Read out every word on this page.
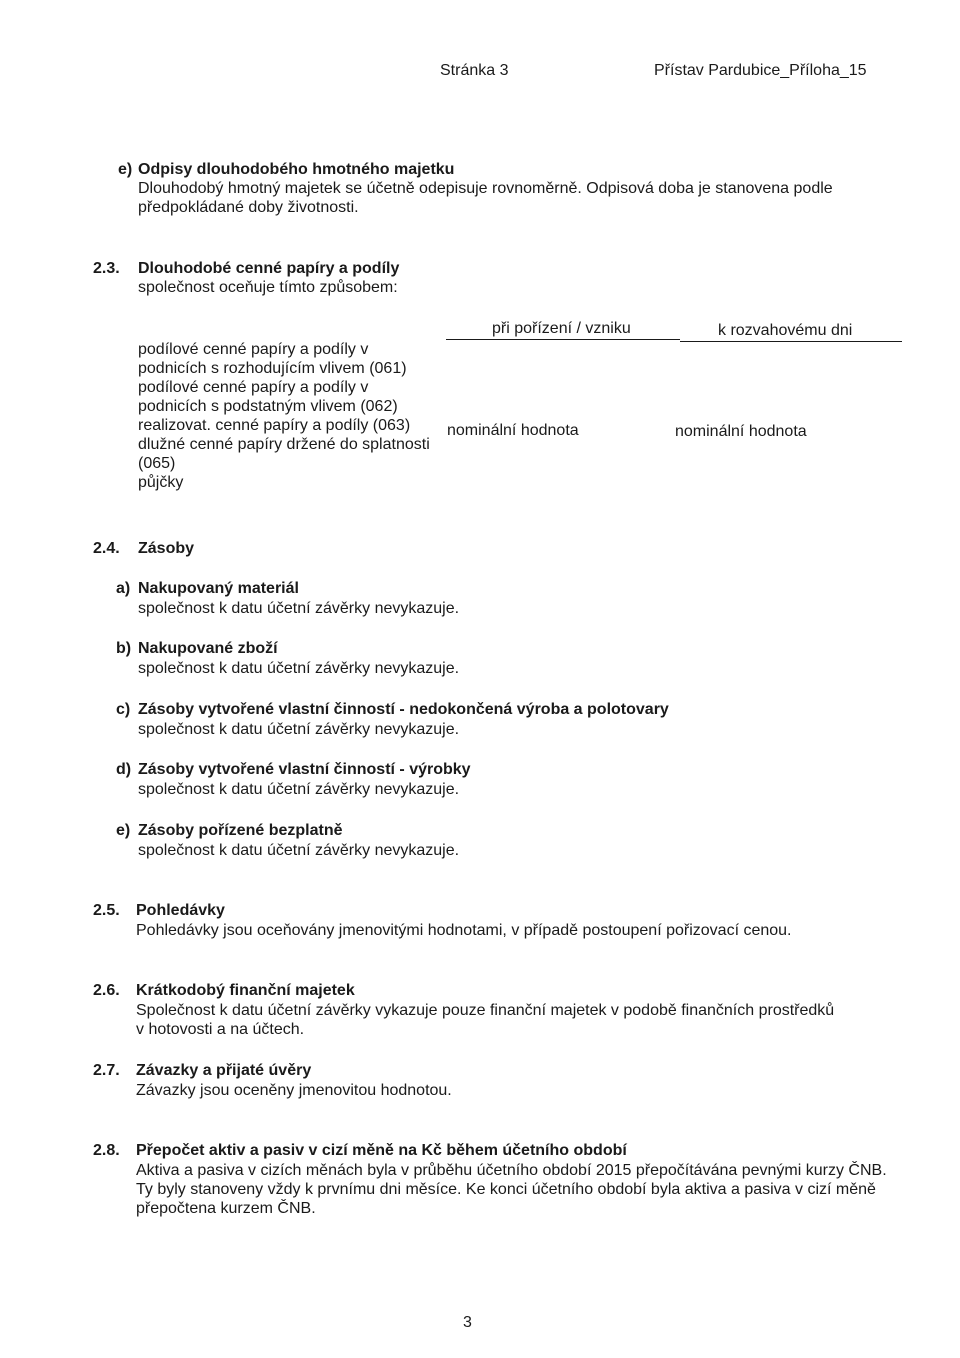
Stránka 3	Přístav Pardubice_Příloha_15
e) Odpisy dlouhodobého hmotného majetku
Dlouhodobý hmotný majetek se účetně odepisuje rovnoměrně. Odpisová doba je stanovena podle
předpokládané doby životnosti.
2.3. Dlouhodobé cenné papíry a podíly
společnost oceňuje tímto způsobem:
při pořízení / vzniku	k rozvahovému dni
podílové cenné papíry a podíly v
podnicích s rozhodujícím vlivem (061)
podílové cenné papíry a podíly v
podnicích s podstatným vlivem (062)
realizovat. cenné papíry a podíly (063)
dlužné cenné papíry držené do splatnosti
(065)
půjčky
nominální hodnota	nominální hodnota
2.4. Zásoby
a) Nakupovaný materiál
společnost k datu účetní závěrky nevykazuje.
b) Nakupované zboží
společnost k datu účetní závěrky nevykazuje.
c) Zásoby vytvořené vlastní činností - nedokončená výroba a polotovary
společnost k datu účetní závěrky nevykazuje.
d) Zásoby vytvořené vlastní činností - výrobky
společnost k datu účetní závěrky nevykazuje.
e) Zásoby pořízené bezplatně
společnost k datu účetní závěrky nevykazuje.
2.5. Pohledávky
Pohledávky jsou oceňovány jmenovitými hodnotami, v případě postoupení pořizovací cenou.
2.6. Krátkodobý finanční majetek
Společnost k datu účetní závěrky vykazuje pouze finanční majetek v podobě finančních prostředků
v hotovosti a na účtech.
2.7. Závazky a přijaté úvěry
Závazky jsou oceněny jmenovitou hodnotou.
2.8. Přepočet aktiv a pasiv v cizí měně na Kč během účetního období
Aktiva a pasiva v cizích měnách byla v průběhu účetního období 2015 přepočítávána pevnými kurzy ČNB.
Ty byly stanoveny vždy k prvnímu dni měsíce. Ke konci účetního období byla aktiva a pasiva v cizí měně
přepočtena kurzem ČNB.
3
